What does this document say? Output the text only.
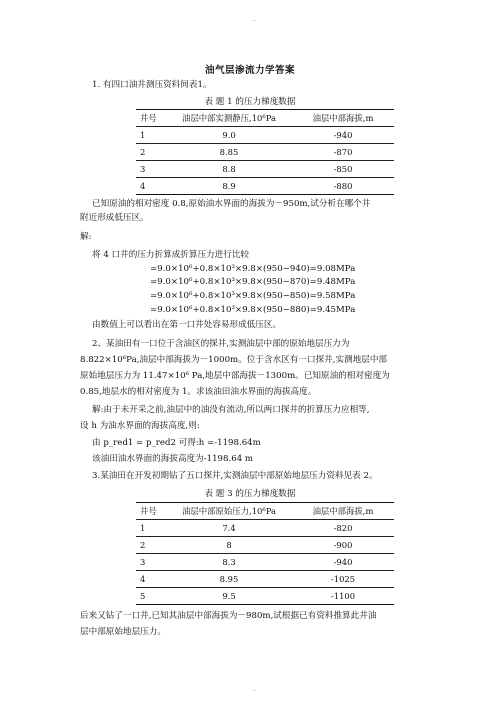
.
油气层渗流力学答案
1. 有四口油井测压资料间表1。
表 题 1 的压力梯度数据
井号	油层中部实测静压,10⁶Pa	油层中部海拔,m
1	9.0	-940
2	8.85	-870
3	8.8	-850
4	8.9	-880
已知原油的相对密度 0.8,原始油水界面的海拔为－950m,试分析在哪个井
附近形成低压区。
解:
将 4 口井的压力折算成折算压力进行比较
=9.0×10⁶+0.8×10³×9.8×(950−940)=9.08MPa
=9.0×10⁶+0.8×10³×9.8×(950−870)=9.48MPa
=9.0×10⁶+0.8×10³×9.8×(950−850)=9.58MPa
=9.0×10⁶+0.8×10³×9.8×(950−880)=9.45MPa
由数值上可以看出在第一口井处容易形成低压区。
2、某油田有一口位于含油区的探井,实测油层中部的原始地层压力为
8.822×10⁶Pa,油层中部海拔为－1000m。位于含水区有一口探井,实测地层中部
原始地层压力为 11.47×10⁶ Pa,地层中部海拔－1300m。已知原油的相对密度为
0.85,地层水的相对密度为 1。求该油田油水界面的海拔高度。
解:由于未开采之前,油层中的油没有流动,所以两口探井的折算压力应相等,
设 h 为油水界面的海拔高度,则:
由 p_red1 = p_red2 可得:h =-1198.64m
该油田油水界面的海拔高度为-1198.64 m
3.某油田在开发初期钻了五口探井,实测油层中部原始地层压力资料见表 2。
表 题 3 的压力梯度数据
井号	油层中部原始压力,10⁶Pa	油层中部海拔,m
1	7.4	-820
2	8	-900
3	8.3	-940
4	8.95	-1025
5	9.5	-1100
后来又钻了一口井,已知其油层中部海拔为－980m,试根据已有资料推算此井油
层中部原始地层压力。
.
